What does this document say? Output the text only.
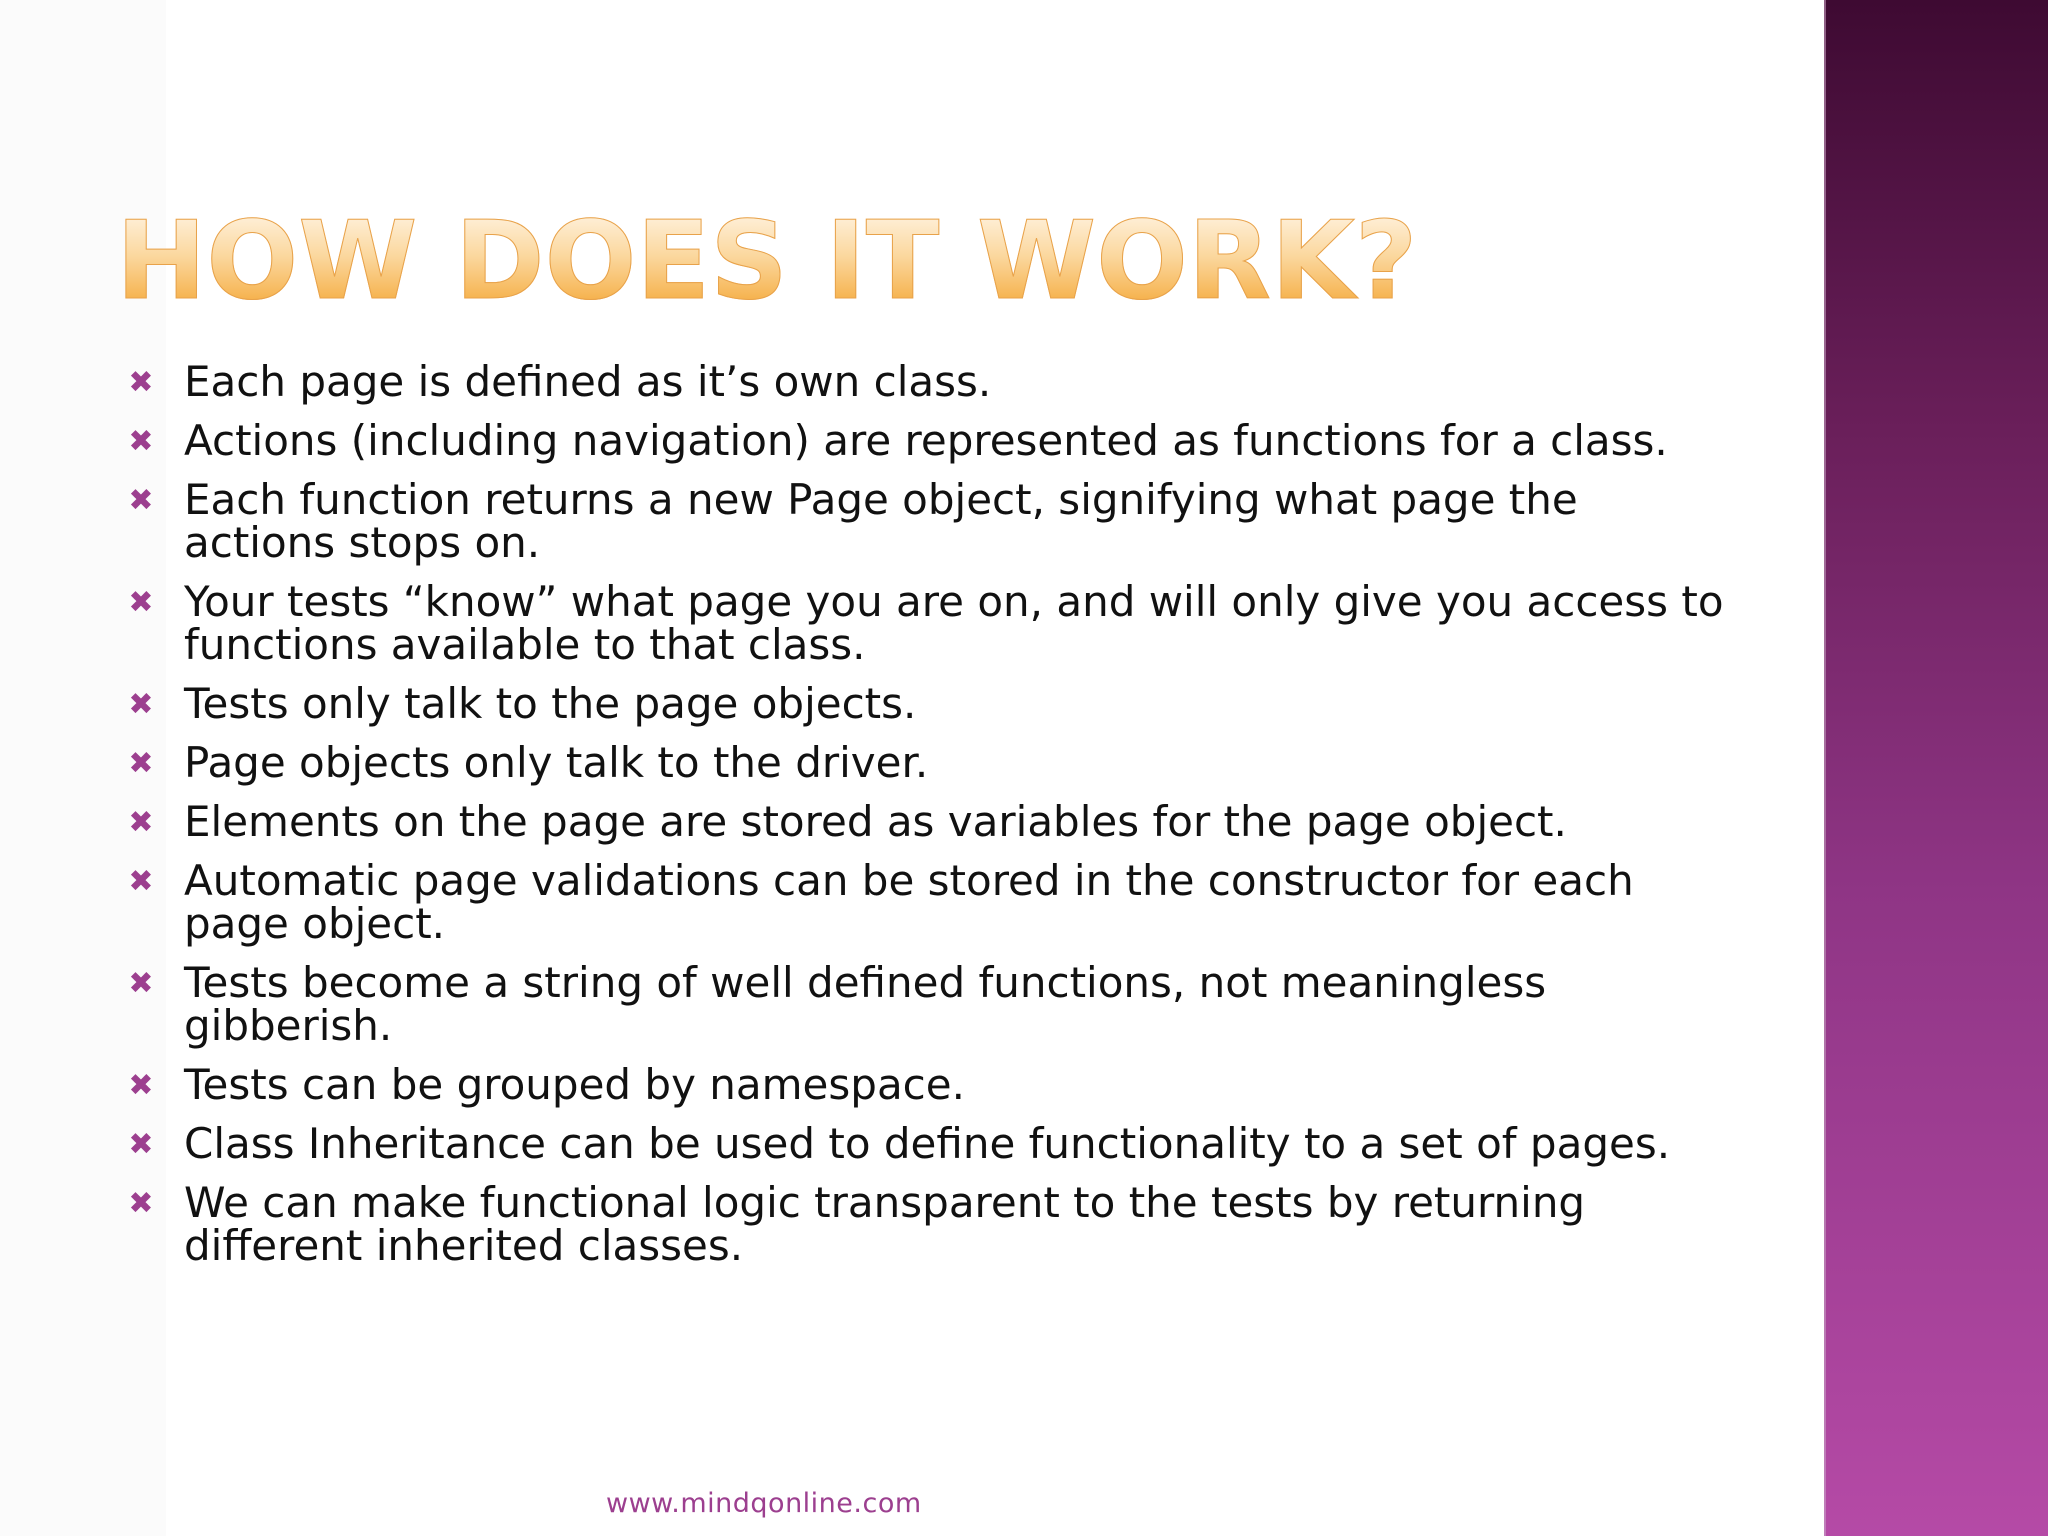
HOW DOES IT WORK?
✖ Each page is defined as it’s own class.
✖ Actions (including navigation) are represented as functions for a class.
✖ Each function returns a new Page object, signifying what page the actions stops on.
✖ Your tests “know” what page you are on, and will only give you access to functions available to that class.
✖ Tests only talk to the page objects.
✖ Page objects only talk to the driver.
✖ Elements on the page are stored as variables for the page object.
✖ Automatic page validations can be stored in the constructor for each page object.
✖ Tests become a string of well defined functions, not meaningless gibberish.
✖ Tests can be grouped by namespace.
✖ Class Inheritance can be used to define functionality to a set of pages.
✖ We can make functional logic transparent to the tests by returning different inherited classes.
www.mindqonline.com
